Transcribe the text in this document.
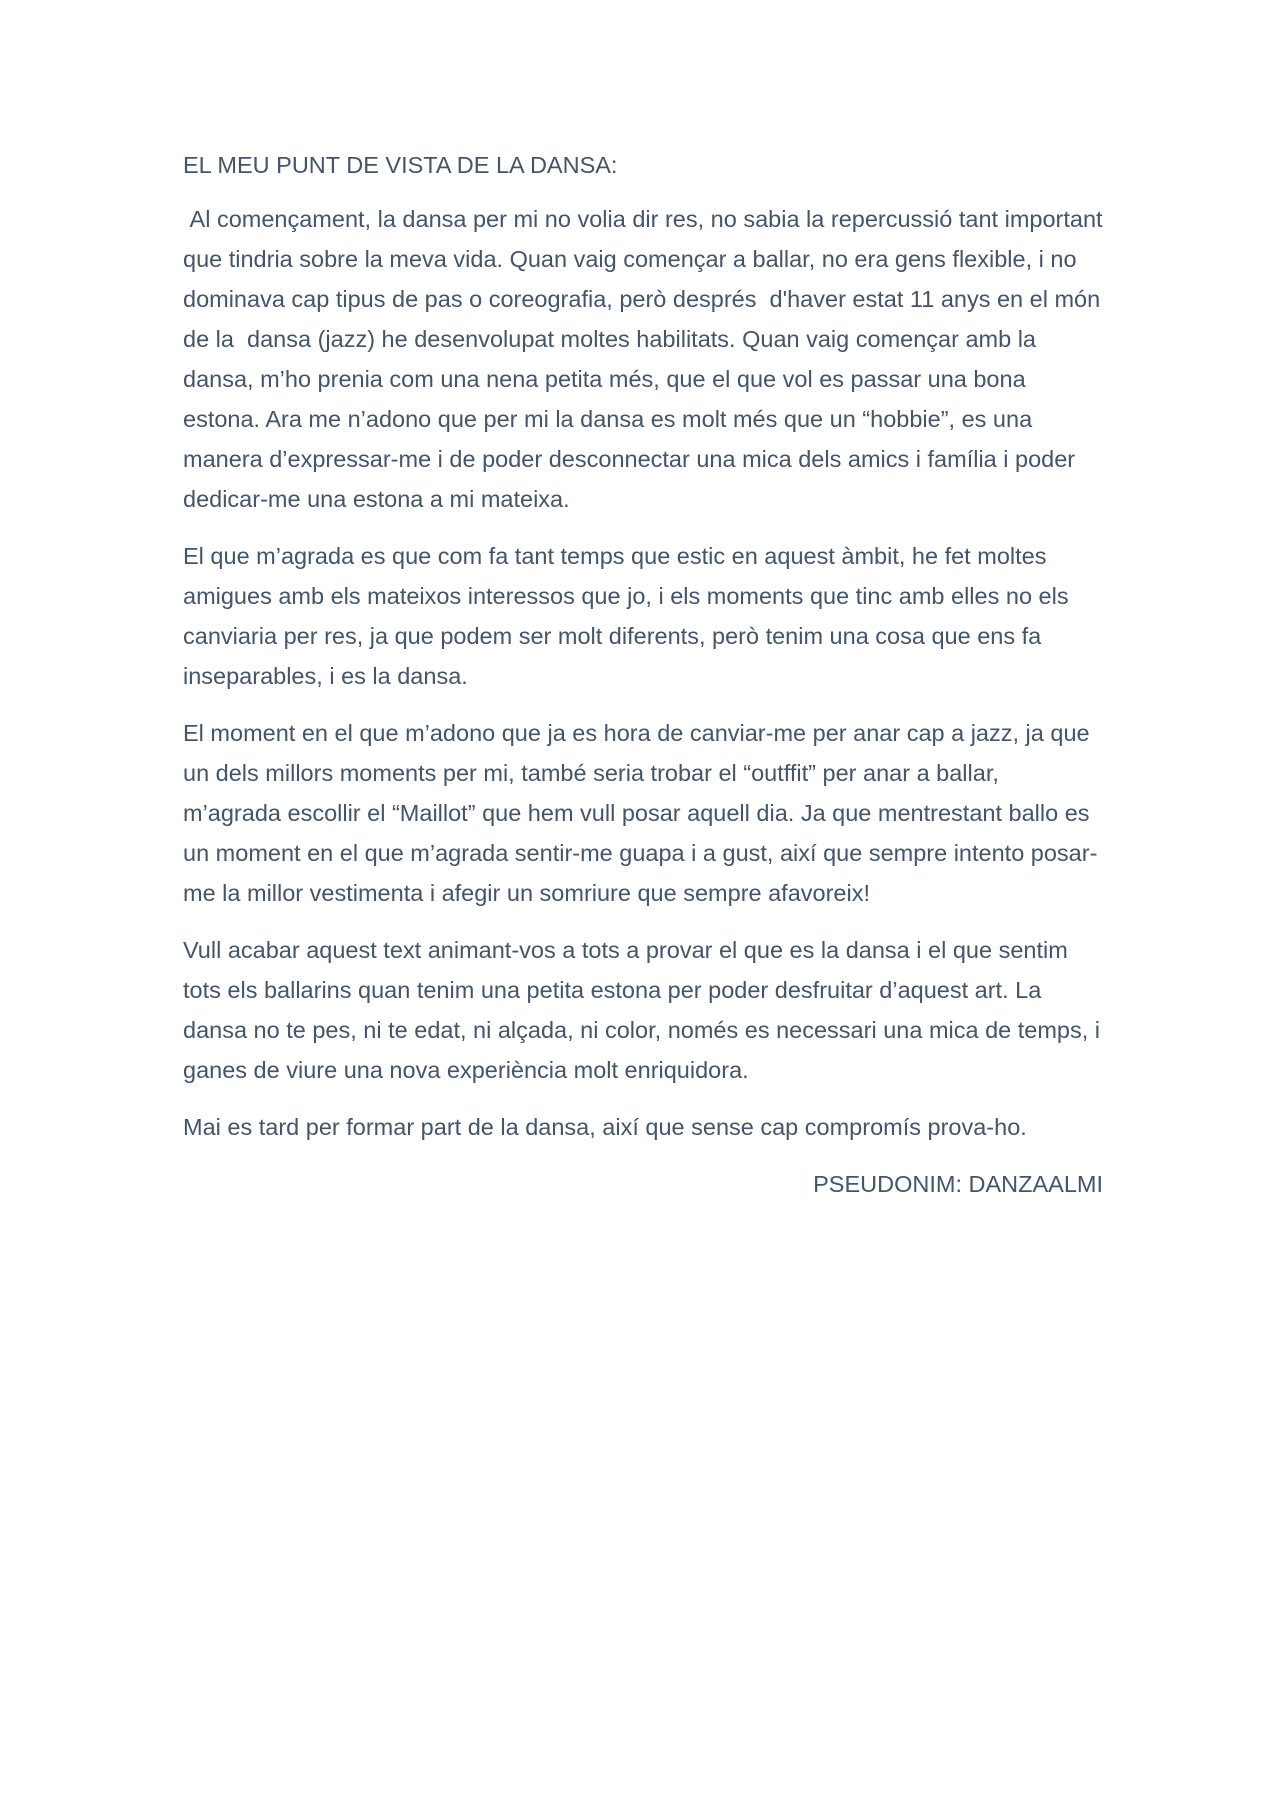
EL MEU PUNT DE VISTA DE LA DANSA:

Al començament, la dansa per mi no volia dir res, no sabia la repercussió tant important que tindria sobre la meva vida. Quan vaig començar a ballar, no era gens flexible, i no dominava cap tipus de pas o coreografia, però després  d'haver estat 11 anys en el món de la  dansa (jazz) he desenvolupat moltes habilitats. Quan vaig començar amb la dansa, m’ho prenia com una nena petita més, que el que vol es passar una bona estona. Ara me n’adono que per mi la dansa es molt més que un “hobbie”, es una manera d’expressar-me i de poder desconnectar una mica dels amics i família i poder dedicar-me una estona a mi mateixa.

El que m’agrada es que com fa tant temps que estic en aquest àmbit, he fet moltes amigues amb els mateixos interessos que jo, i els moments que tinc amb elles no els canviaria per res, ja que podem ser molt diferents, però tenim una cosa que ens fa inseparables, i es la dansa.

El moment en el que m’adono que ja es hora de canviar-me per anar cap a jazz, ja que un dels millors moments per mi, també seria trobar el “outffit” per anar a ballar, m’agrada escollir el “Maillot” que hem vull posar aquell dia. Ja que mentrestant ballo es un moment en el que m’agrada sentir-me guapa i a gust, així que sempre intento posar-me la millor vestimenta i afegir un somriure que sempre afavoreix!

Vull acabar aquest text animant-vos a tots a provar el que es la dansa i el que sentim tots els ballarins quan tenim una petita estona per poder desfruitar d’aquest art. La dansa no te pes, ni te edat, ni alçada, ni color, només es necessari una mica de temps, i ganes de viure una nova experiència molt enriquidora.

Mai es tard per formar part de la dansa, així que sense cap compromís prova-ho.

PSEUDONIM: DANZAALMI
